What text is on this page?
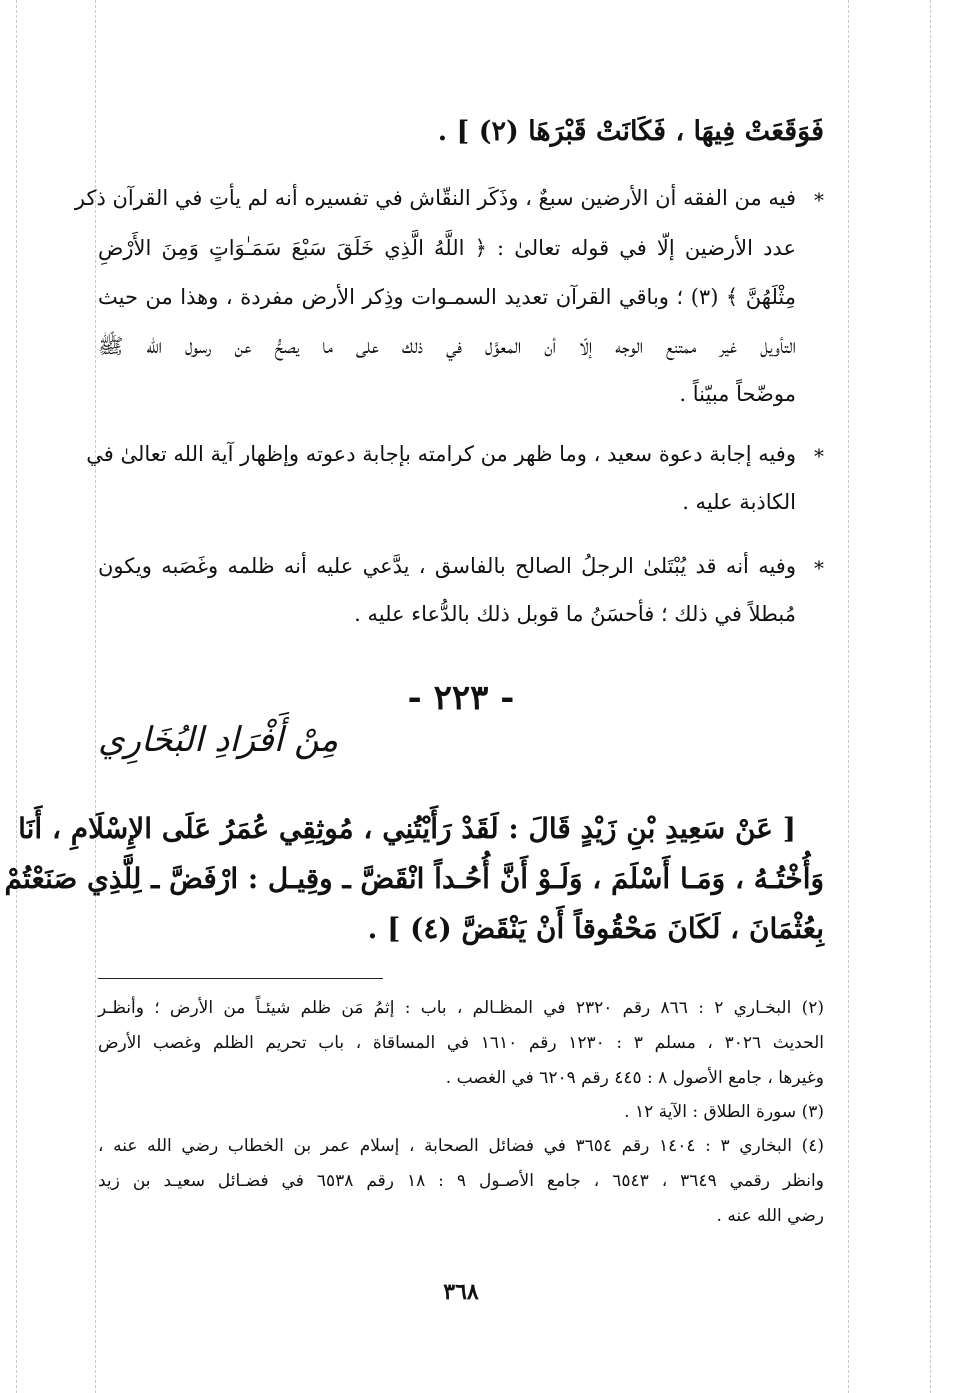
فَوَقَعَتْ فِيهَا ، فَكَانَتْ قَبْرَهَا (٢) ] .
*
فيه من الفقه أن الأرضين سبعٌ ، وذَكَر النقّاش في تفسيره أنه لم يأتِ في القرآن ذكر
عدد الأرضين إلّا في قوله تعالىٰ : ﴿ اللَّهُ الَّذِي خَلَقَ سَبْعَ سَمَـٰوَاتٍ وَمِنَ الأَرْضِ
مِثْلَهُنَّ ﴾ (٣) ؛ وباقي القرآن تعديد السمـوات وذِكر الأرض مفردة ، وهذا من حيث
التأويل غير ممتنع الوجه إلّا أن المعوَّل في ذلك على ما يصحُّ عن رسول الله ﷺ
موضّحاً مبيّناً .
*
وفيه إجابة دعوة سعيد ، وما ظهر من كرامته بإجابة دعوته وإظهار آية الله تعالىٰ في
الكاذبة عليه .
*
وفيه أنه قد يُبْتَلىٰ الرجلُ الصالح بالفاسق ، يدَّعي عليه أنه ظلمه وغَصَبه ويكون
مُبطلاً في ذلك ؛ فأحسَنُ ما قوبل ذلك بالدُّعاء عليه .
- ٢٢٣ -
مِنْ أَفْرَادِ البُخَارِي
[ عَنْ سَعِيدِ بْنِ زَيْدٍ قَالَ : لَقَدْ رَأَيْتُنِي ، مُوثِقِي عُمَرُ عَلَى الإِسْلَامِ ، أَنَا
وَأُخْتُـهُ ، وَمَـا أَسْلَمَ ، وَلَـوْ أَنَّ أُحُـداً انْقَضَّ ـ وقِيـل : ارْفَضَّ ـ لِلَّذِي صَنَعْتُمْ
بِعُثْمَانَ ، لَكَانَ مَحْقُوقاً أَنْ يَنْقَضَّ (٤) ] .
(٢) البخـاري ٢ : ٨٦٦ رقم ٢٣٢٠ في المظـالم ، باب : إثمُ مَن ظلم شيئـاً من الأرض ؛ وأنظـر
الحديث ٣٠٢٦ ، مسلم ٣ : ١٢٣٠ رقم ١٦١٠ في المساقاة ، باب تحريم الظلم وغصب الأرض
وغيرها ، جامع الأصول ٨ : ٤٤٥ رقم ٦٢٠٩ في الغصب .
(٣) سورة الطلاق : الآية ١٢ .
(٤) البخاري ٣ : ١٤٠٤ رقم ٣٦٥٤ في فضائل الصحابة ، إسلام عمر بن الخطاب رضي الله عنه ،
وانظر رقمي ٣٦٤٩ ، ٦٥٤٣ ، جامع الأصـول ٩ : ١٨ رقم ٦٥٣٨ في فضـائل سعيـد بن زيد
رضي الله عنه .
٣٦٨
